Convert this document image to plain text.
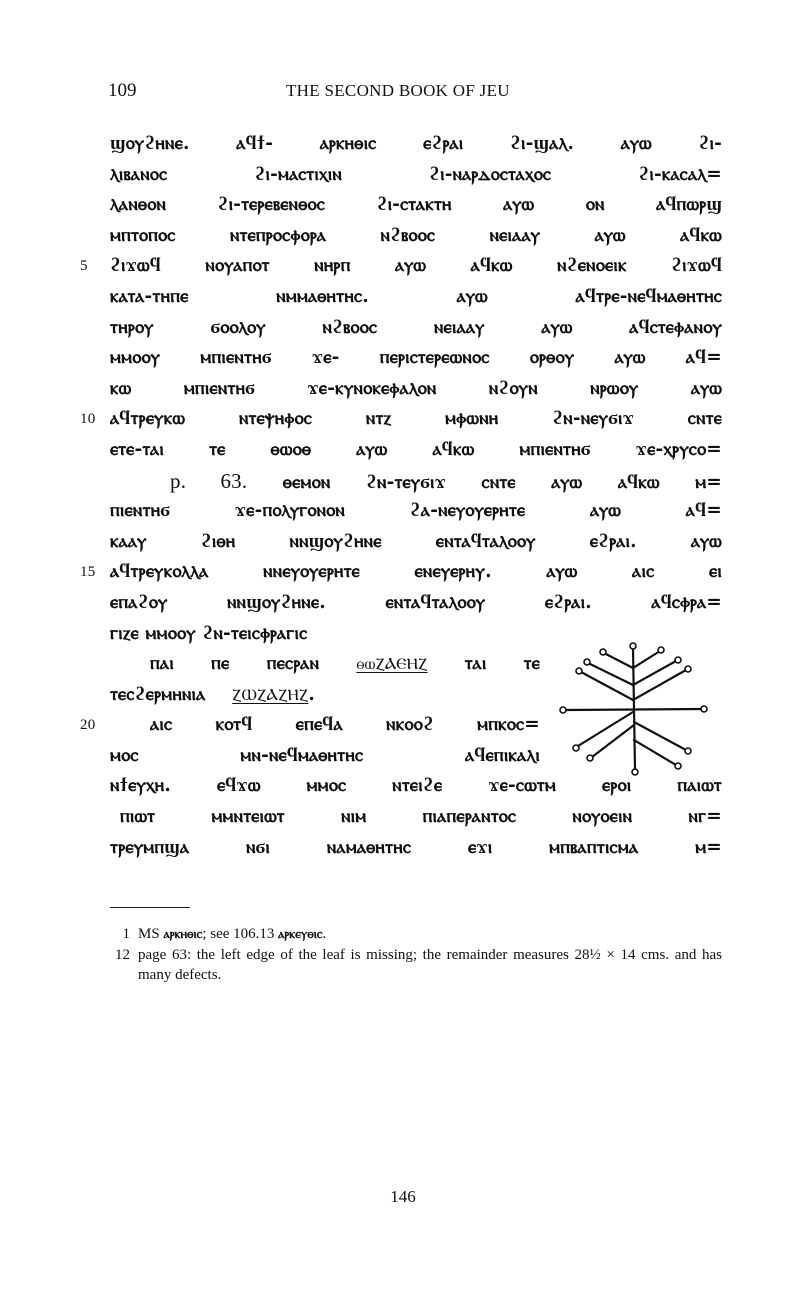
109	THE SECOND BOOK OF JEU
ϣⲟⲩϩⲏⲛⲉ. ⲁϥϯ- ⲁⲣⲕⲏⲑⲓⲥ ⲉϩⲣⲁⲓ ϩⲓ-ϣⲁⲗ. ⲁⲩⲱ ϩⲓ-
ⲗⲓⲃⲁⲛⲟⲥ ϩⲓ-ⲙⲁⲥⲧⲓⲭⲓⲛ ϩⲓ-ⲛⲁⲣⲇⲟⲥⲧⲁⲭⲟⲥ ϩⲓ-ⲕⲁⲥⲁⲗ=
ⲗⲁⲛⲑⲟⲛ ϩⲓ-ⲧⲉⲣⲉⲃⲉⲛⲑⲟⲥ ϩⲓ-ⲥⲧⲁⲕⲧⲏ ⲁⲩⲱ ⲟⲛ ⲁϥⲡⲱⲣϣ
ⲙⲡⲧⲟⲡⲟⲥ ⲛⲧⲉⲡⲣⲟⲥⲫⲟⲣⲁ ⲛϩⲃⲟⲟⲥ ⲛⲉⲓⲁⲁⲩ ⲁⲩⲱ ⲁϥⲕⲱ
5 ϩⲓϫⲱϥ ⲛⲟⲩⲁⲡⲟⲧ ⲛⲏⲣⲡ ⲁⲩⲱ ⲁϥⲕⲱ ⲛϩⲉⲛⲟⲉⲓⲕ ϩⲓϫⲱϥ
ⲕⲁⲧⲁ-ⲧⲏⲡⲉ ⲛⲙⲙⲁⲑⲏⲧⲏⲥ. ⲁⲩⲱ ⲁϥⲧⲣⲉ-ⲛⲉϥⲙⲁⲑⲏⲧⲏⲥ
ⲧⲏⲣⲟⲩ ϭⲟⲟⲗⲟⲩ ⲛϩⲃⲟⲟⲥ ⲛⲉⲓⲁⲁⲩ ⲁⲩⲱ ⲁϥⲥⲧⲉⲫⲁⲛⲟⲩ
ⲙⲙⲟⲟⲩ ⲙⲡⲓⲉⲛⲧⲏϭ ϫⲉ- ⲡⲉⲣⲓⲥⲧⲉⲣⲉⲱⲛⲟⲥ ⲟⲣⲑⲟⲩ ⲁⲩⲱ ⲁϥ=
ⲕⲱ ⲙⲡⲓⲉⲛⲧⲏϭ ϫⲉ-ⲕⲩⲛⲟⲕⲉⲫⲁⲗⲟⲛ ⲛϩⲟⲩⲛ ⲛⲣⲱⲟⲩ ⲁⲩⲱ
10 ⲁϥⲧⲣⲉⲩⲕⲱ ⲛⲧⲉⲯⲏⲫⲟⲥ ⲛⲧⲍ ⲙⲫⲱⲛⲏ ϩⲛ-ⲛⲉⲩϭⲓϫ ⲥⲛⲧⲉ
ⲉⲧⲉ-ⲧⲁⲓ ⲧⲉ ⲑⲱⲟⲑ ⲁⲩⲱ ⲁϥⲕⲱ ⲙⲡⲓⲉⲛⲧⲏϭ ϫⲉ-ⲭⲣⲩⲥⲟ=
p. 63. ⲑⲉⲙⲟⲛ ϩⲛ-ⲧⲉⲩϭⲓϫ ⲥⲛⲧⲉ ⲁⲩⲱ ⲁϥⲕⲱ ⲙ=
ⲡⲓⲉⲛⲧⲏϭ ϫⲉ-ⲡⲟⲗⲩⲅⲟⲛⲟⲛ ϩⲁ-ⲛⲉⲩⲟⲩⲉⲣⲏⲧⲉ ⲁⲩⲱ ⲁϥ=
ⲕⲁⲁⲩ ϩⲓⲑⲏ ⲛⲛϣⲟⲩϩⲏⲛⲉ ⲉⲛⲧⲁϥⲧⲁⲗⲟⲟⲩ ⲉϩⲣⲁⲓ. ⲁⲩⲱ
15 ⲁϥⲧⲣⲉⲩⲕⲟⲗⲗⲁ ⲛⲛⲉⲩⲟⲩⲉⲣⲏⲧⲉ ⲉⲛⲉⲩⲉⲣⲏⲩ. ⲁⲩⲱ ⲁⲓⲥ ⲉⲓ
ⲉⲡⲁϩⲟⲩ ⲛⲛϣⲟⲩϩⲏⲛⲉ. ⲉⲛⲧⲁϥⲧⲁⲗⲟⲟⲩ ⲉϩⲣⲁⲓ. ⲁϥⲥⲫⲣⲁ=
ⲅⲓⲍⲉ ⲙⲙⲟⲟⲩ ϩⲛ-ⲧⲉⲓⲥⲫⲣⲁⲅⲓⲥ
ⲡⲁⲓ ⲡⲉ ⲡⲉⲥⲣⲁⲛ ⲑⲱⲌⲀⲈⲎⲌ ⲧⲁⲓ ⲧⲉ
ⲧⲉⲥϩⲉⲣⲙⲏⲛⲓⲁ ⲌⲰⲌⲀⲌⲎⲌ.
20	ⲁⲓⲥ ⲕⲟⲧϥ ⲉⲡⲉϥⲁ ⲛⲕⲟⲟϩ ⲙⲡⲕⲟⲥ=
ⲙⲟⲥ ⲙⲛ-ⲛⲉϥⲙⲁⲑⲏⲧⲏⲥ ⲁϥⲉⲡⲓⲕⲁⲗⲓ
ⲛϯⲉⲩⲭⲏ. ⲉϥϫⲱ ⲙⲙⲟⲥ ⲛⲧⲉⲓϩⲉ ϫⲉ-ⲥⲱⲧⲙ ⲉⲣⲟⲓ ⲡⲁⲓⲱⲧ
ⲡⲓⲱⲧ ⲙⲙⲛⲧⲉⲓⲱⲧ ⲛⲓⲙ ⲡⲓⲁⲡⲉⲣⲁⲛⲧⲟⲥ ⲛⲟⲩⲟⲉⲓⲛ ⲛⲅ=
ⲧⲣⲉⲩⲙⲡϣⲁ ⲛϭⲓ ⲛⲁⲙⲁⲑⲏⲧⲏⲥ ⲉϫⲓ ⲙⲡⲃⲁⲡⲧⲓⲥⲙⲁ ⲙ=
1 MS ⲁⲣⲕⲏⲑⲓⲥ; see 106.13 ⲁⲣⲕⲉⲩⲑⲓⲥ.
12 page 63: the left edge of the leaf is missing; the remainder measures 28½ × 14 cms. and has many defects.
146
